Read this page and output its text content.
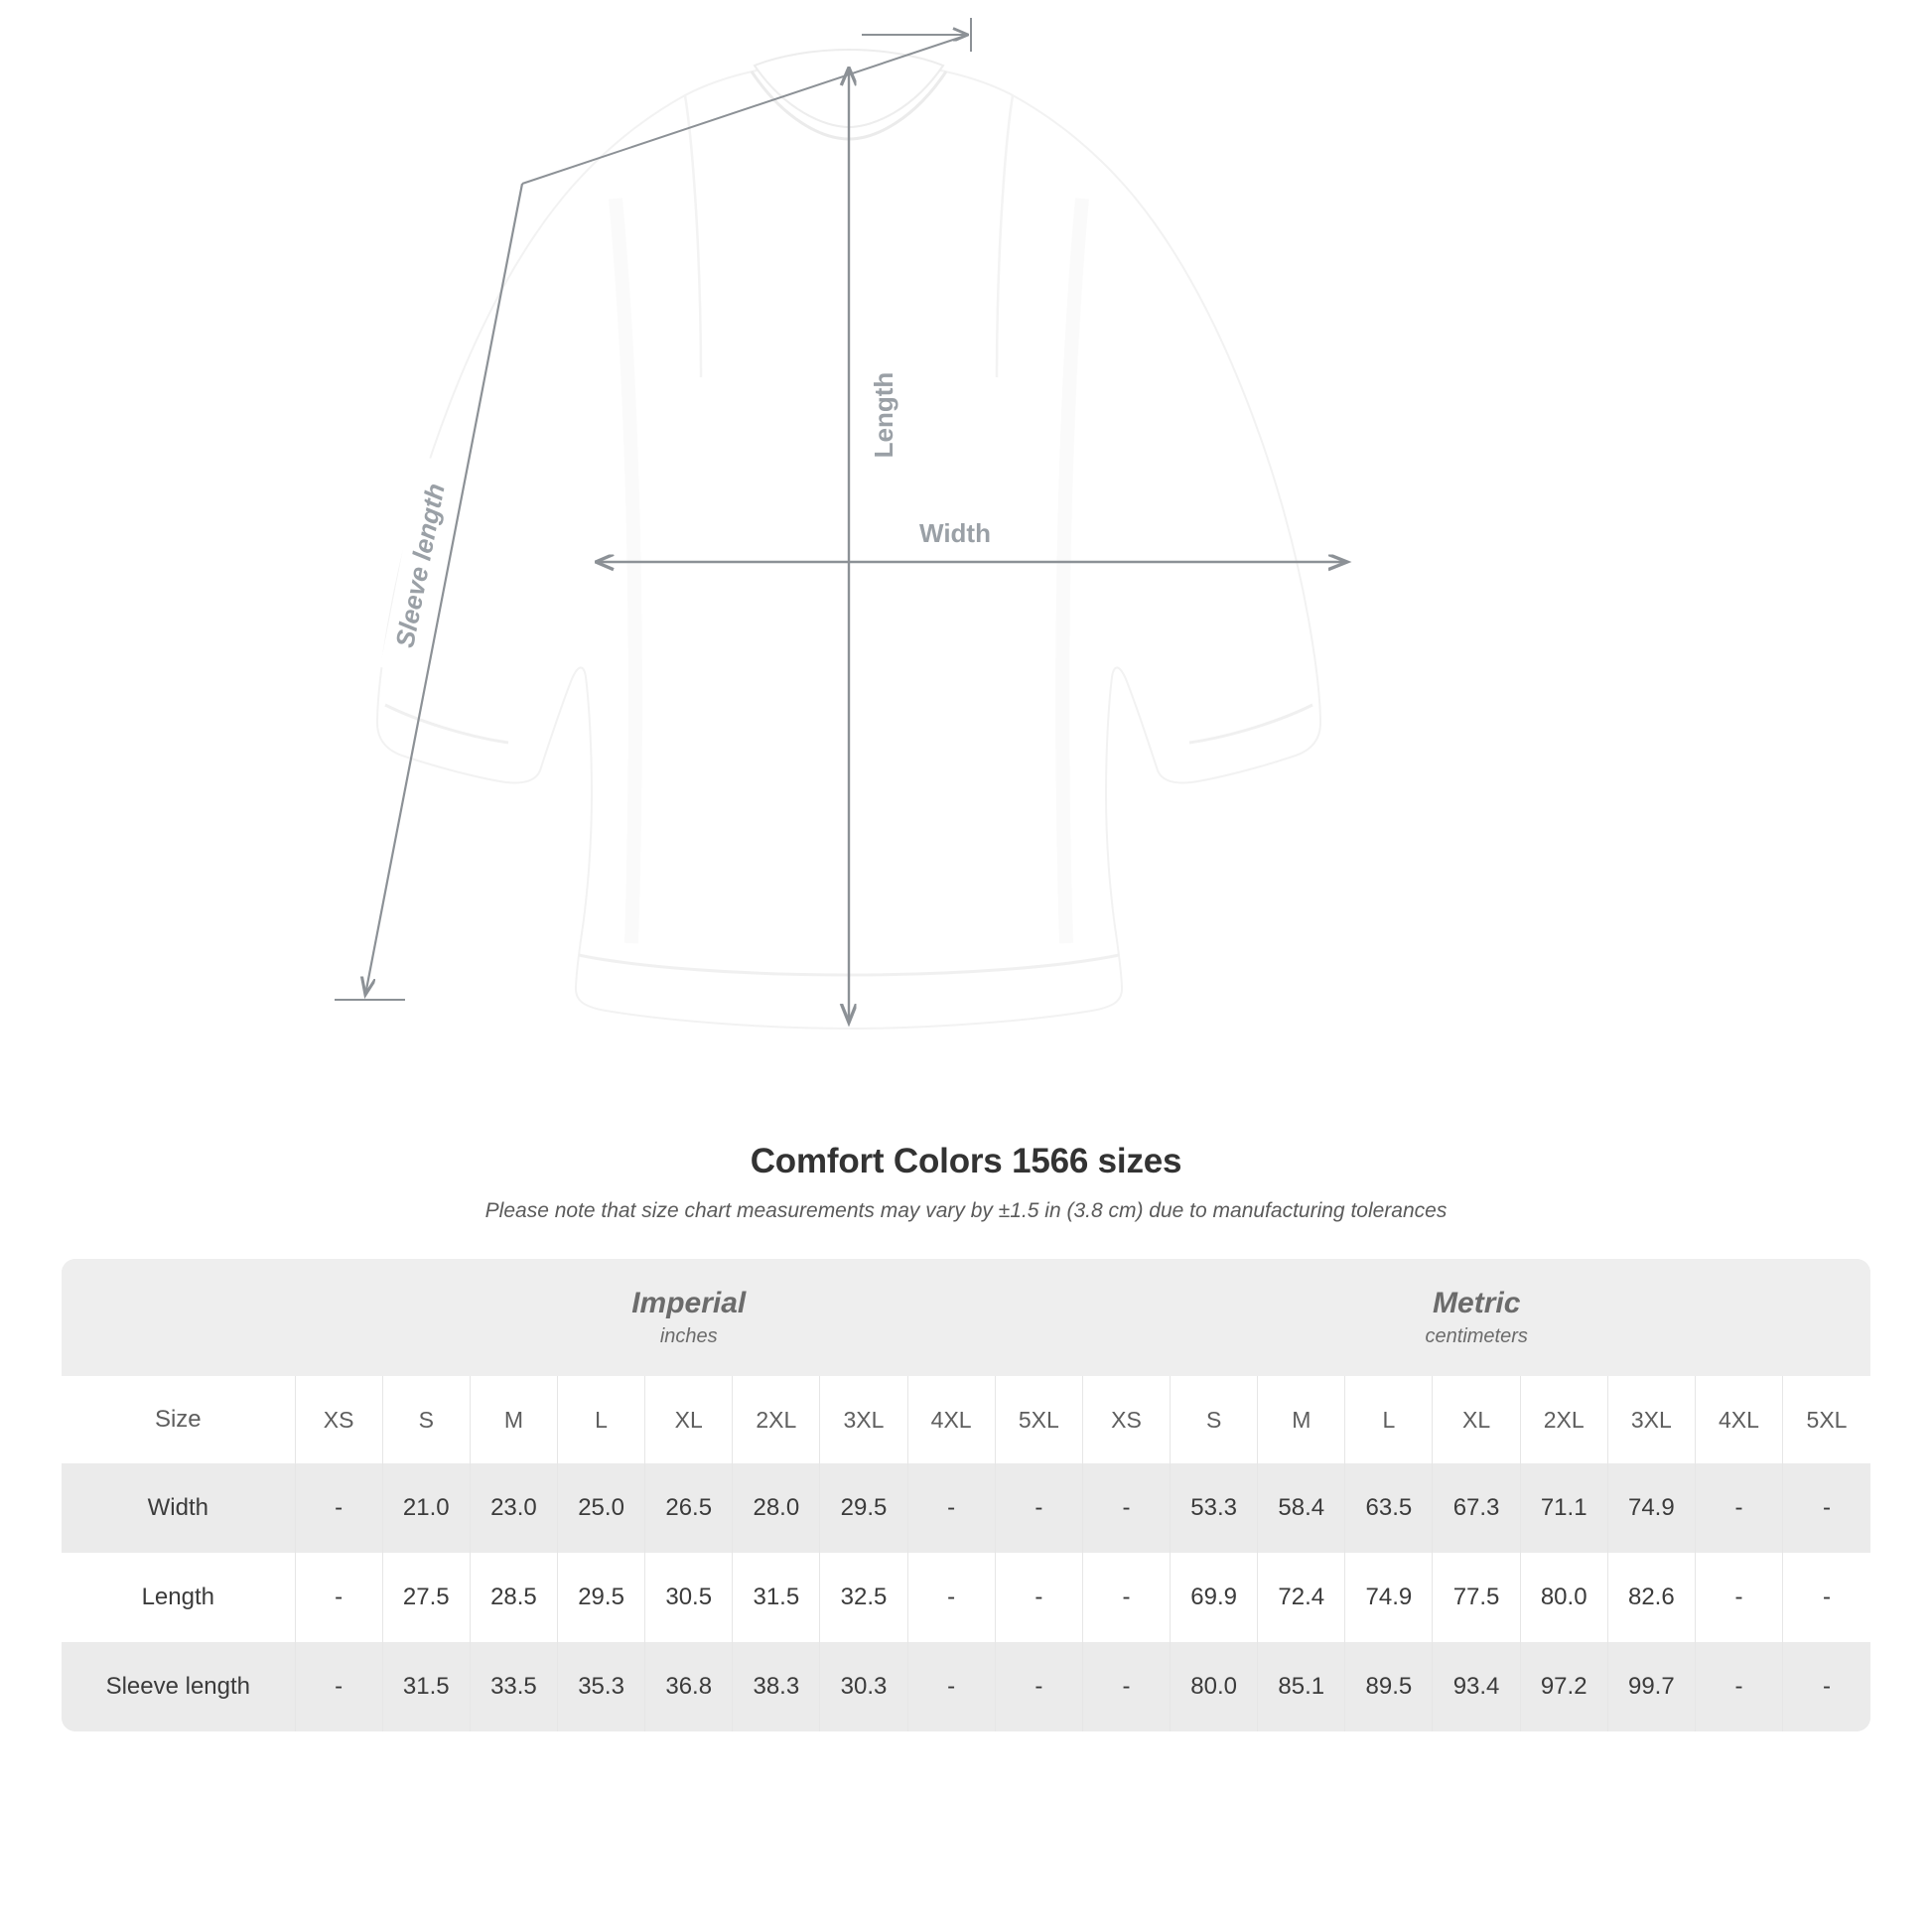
Length
Width
Sleeve length
Comfort Colors 1566 sizes
Please note that size chart measurements may vary by ±1.5 in (3.8 cm) due to manufacturing tolerances

Imperial
inches

Metric
centimeters

Size	XS	S	M	L	XL	2XL	3XL	4XL	5XL	XS	S	M	L	XL	2XL	3XL	4XL	5XL
Width	-	21.0	23.0	25.0	26.5	28.0	29.5	-	-	-	53.3	58.4	63.5	67.3	71.1	74.9	-	-
Length	-	27.5	28.5	29.5	30.5	31.5	32.5	-	-	-	69.9	72.4	74.9	77.5	80.0	82.6	-	-
Sleeve length	-	31.5	33.5	35.3	36.8	38.3	30.3	-	-	-	80.0	85.1	89.5	93.4	97.2	99.7	-	-
